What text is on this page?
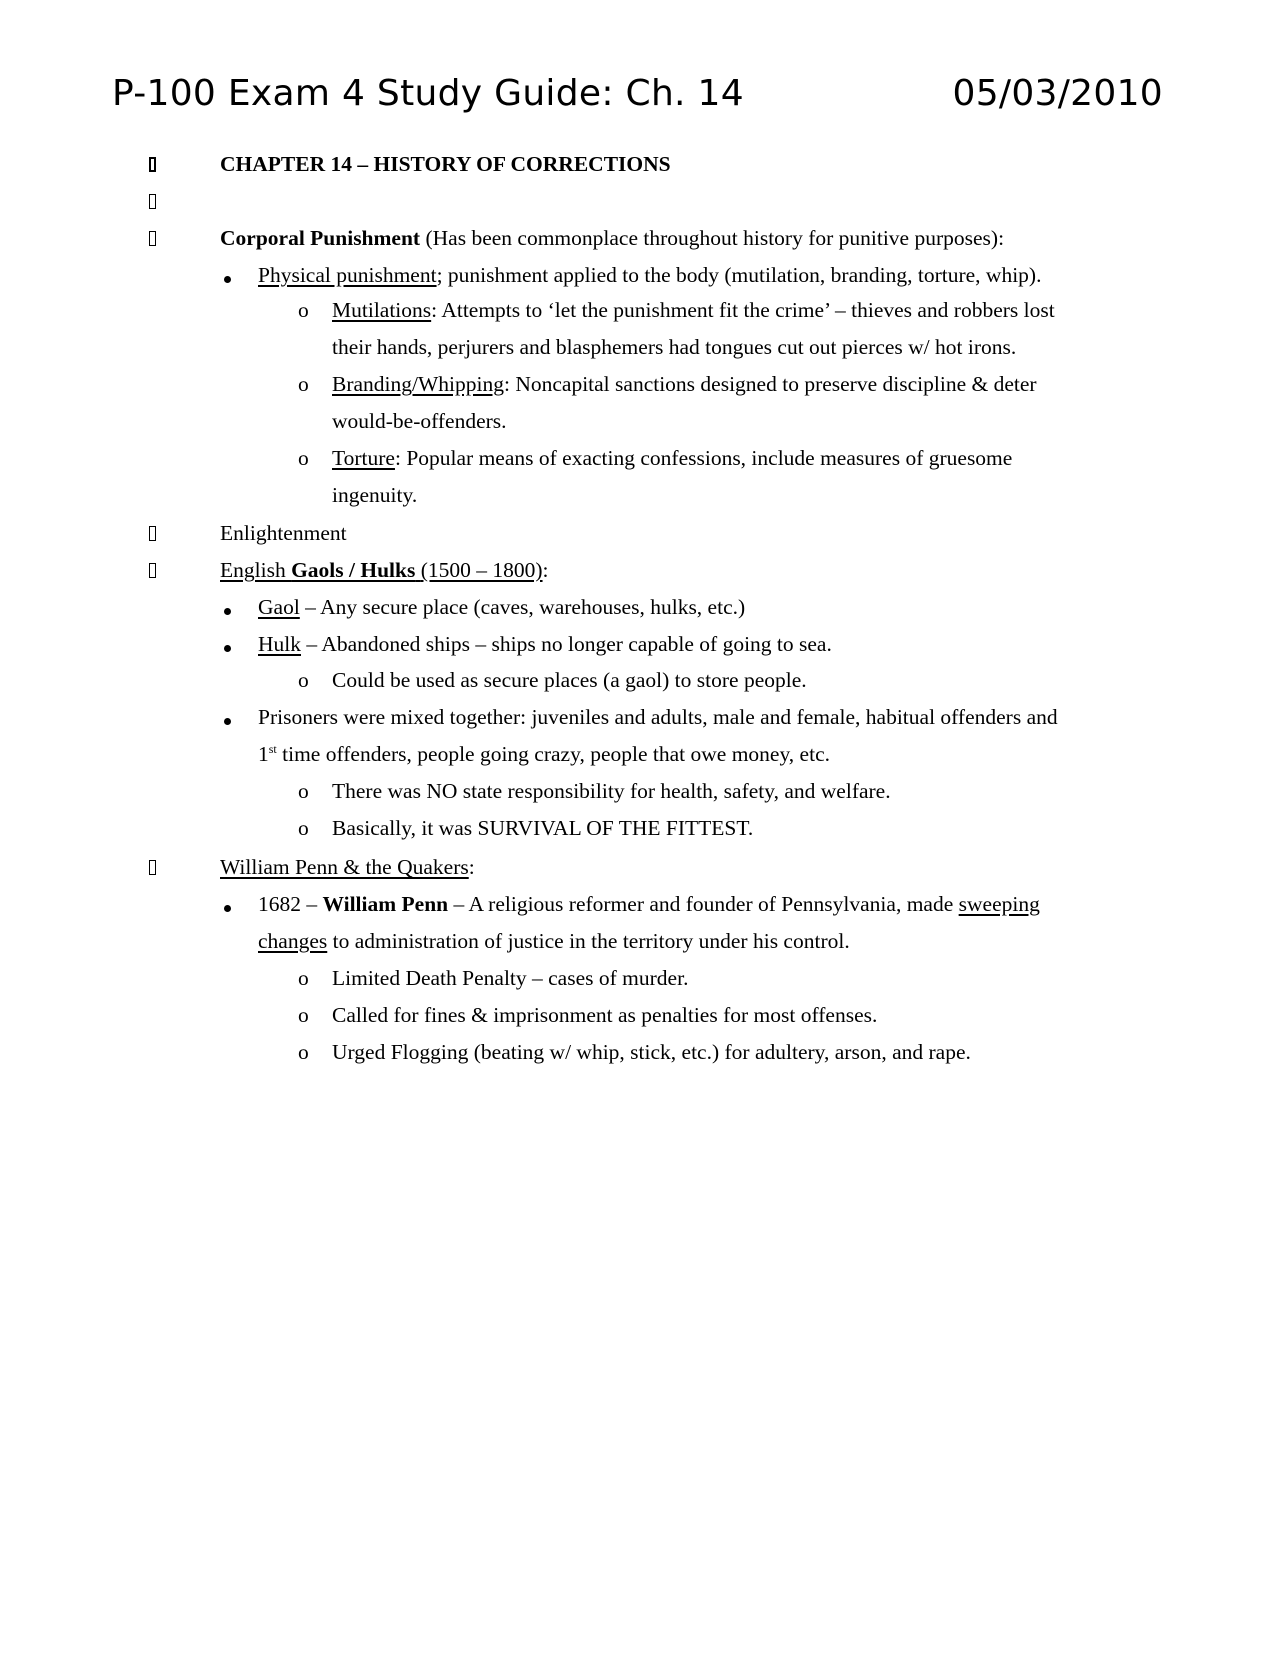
P-100 Exam 4 Study Guide: Ch. 14	05/03/2010
CHAPTER 14 – HISTORY OF CORRECTIONS
Corporal Punishment (Has been commonplace throughout history for punitive purposes):
Physical punishment; punishment applied to the body (mutilation, branding, torture, whip).
o Mutilations: Attempts to ‘let the punishment fit the crime’ – thieves and robbers lost
their hands, perjurers and blasphemers had tongues cut out pierces w/ hot irons.
o Branding/Whipping: Noncapital sanctions designed to preserve discipline & deter
would-be-offenders.
o Torture: Popular means of exacting confessions, include measures of gruesome
ingenuity.
Enlightenment
English Gaols / Hulks (1500 – 1800):
Gaol – Any secure place (caves, warehouses, hulks, etc.)
Hulk – Abandoned ships – ships no longer capable of going to sea.
o Could be used as secure places (a gaol) to store people.
Prisoners were mixed together: juveniles and adults, male and female, habitual offenders and
1st time offenders, people going crazy, people that owe money, etc.
o There was NO state responsibility for health, safety, and welfare.
o Basically, it was SURVIVAL OF THE FITTEST.
William Penn & the Quakers:
1682 – William Penn – A religious reformer and founder of Pennsylvania, made sweeping
changes to administration of justice in the territory under his control.
o Limited Death Penalty – cases of murder.
o Called for fines & imprisonment as penalties for most offenses.
o Urged Flogging (beating w/ whip, stick, etc.) for adultery, arson, and rape.
